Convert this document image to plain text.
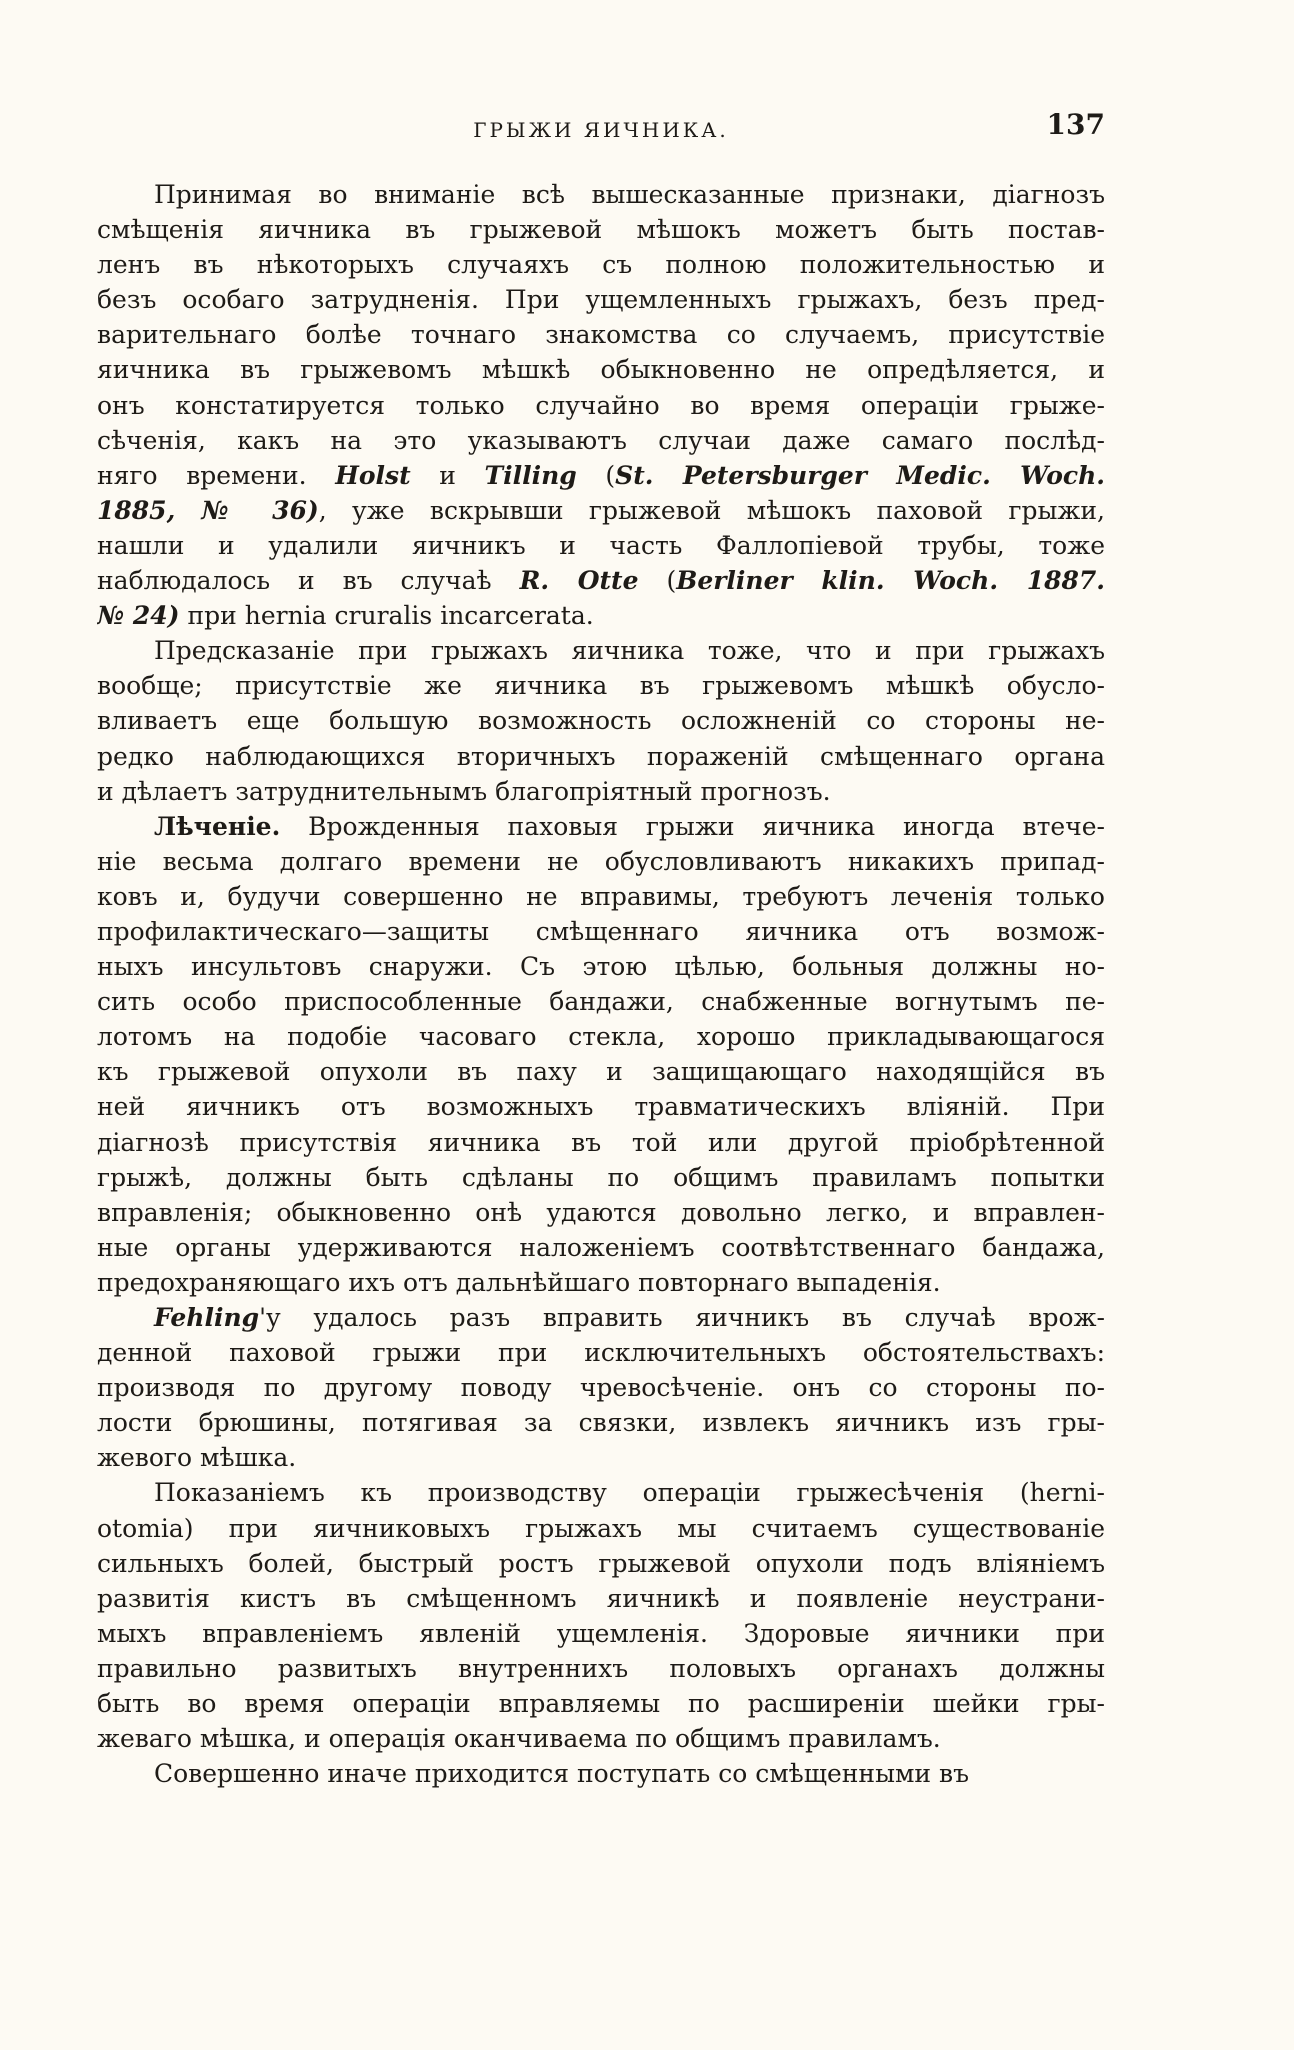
ГРЫЖИ ЯИЧНИКА.	137
Принимая во вниманіе всѣ вышесказанные признаки, діагнозъ
смѣщенія яичника въ грыжевой мѣшокъ можетъ быть постав-
ленъ въ нѣкоторыхъ случаяхъ съ полною положительностью и
безъ особаго затрудненія. При ущемленныхъ грыжахъ, безъ пред-
варительнаго болѣе точнаго знакомства со случаемъ, присутствіе
яичника въ грыжевомъ мѣшкѣ обыкновенно не опредѣляется, и
онъ констатируется только случайно во время операціи грыже-
сѣченія, какъ на это указываютъ случаи даже самаго послѣд-
няго времени. Holst и Tilling (St. Petersburger Medic. Woch.
1885, № 36), уже вскрывши грыжевой мѣшокъ паховой грыжи,
нашли и удалили яичникъ и часть Фаллопіевой трубы, тоже
наблюдалось и въ случаѣ R. Otte (Berliner klin. Woch. 1887.
№ 24) при hernia cruralis incarcerata.
Предсказаніе при грыжахъ яичника тоже, что и при грыжахъ
вообще; присутствіе же яичника въ грыжевомъ мѣшкѣ обусло-
вливаетъ еще большую возможность осложненій со стороны не-
редко наблюдающихся вторичныхъ пораженій смѣщеннаго органа
и дѣлаетъ затруднительнымъ благопріятный прогнозъ.
Лѣченіе. Врожденныя паховыя грыжи яичника иногда втече-
ніе весьма долгаго времени не обусловливаютъ никакихъ припад-
ковъ и, будучи совершенно не вправимы, требуютъ леченія только
профилактическаго—защиты смѣщеннаго яичника отъ возмож-
ныхъ инсультовъ снаружи. Съ этою цѣлью, больныя должны но-
сить особо приспособленные бандажи, снабженные вогнутымъ пе-
лотомъ на подобіе часоваго стекла, хорошо прикладывающагося
къ грыжевой опухоли въ паху и защищающаго находящійся въ
ней яичникъ отъ возможныхъ травматическихъ вліяній. При
діагнозѣ присутствія яичника въ той или другой пріобрѣтенной
грыжѣ, должны быть сдѣланы по общимъ правиламъ попытки
вправленія; обыкновенно онѣ удаются довольно легко, и вправлен-
ные органы удерживаются наложеніемъ соотвѣтственнаго бандажа,
предохраняющаго ихъ отъ дальнѣйшаго повторнаго выпаденія.
Fehling'у удалось разъ вправить яичникъ въ случаѣ врож-
денной паховой грыжи при исключительныхъ обстоятельствахъ:
производя по другому поводу чревосѣченіе. онъ со стороны по-
лости брюшины, потягивая за связки, извлекъ яичникъ изъ гры-
жевого мѣшка.
Показаніемъ къ производству операціи грыжесѣченія (herni-
otomia) при яичниковыхъ грыжахъ мы считаемъ существованіе
сильныхъ болей, быстрый ростъ грыжевой опухоли подъ вліяніемъ
развитія кистъ въ смѣщенномъ яичникѣ и появленіе неустрани-
мыхъ вправленіемъ явленій ущемленія. Здоровые яичники при
правильно развитыхъ внутреннихъ половыхъ органахъ должны
быть во время операціи вправляемы по расширеніи шейки гры-
жеваго мѣшка, и операція оканчиваема по общимъ правиламъ.
Совершенно иначе приходится поступать со смѣщенными въ
